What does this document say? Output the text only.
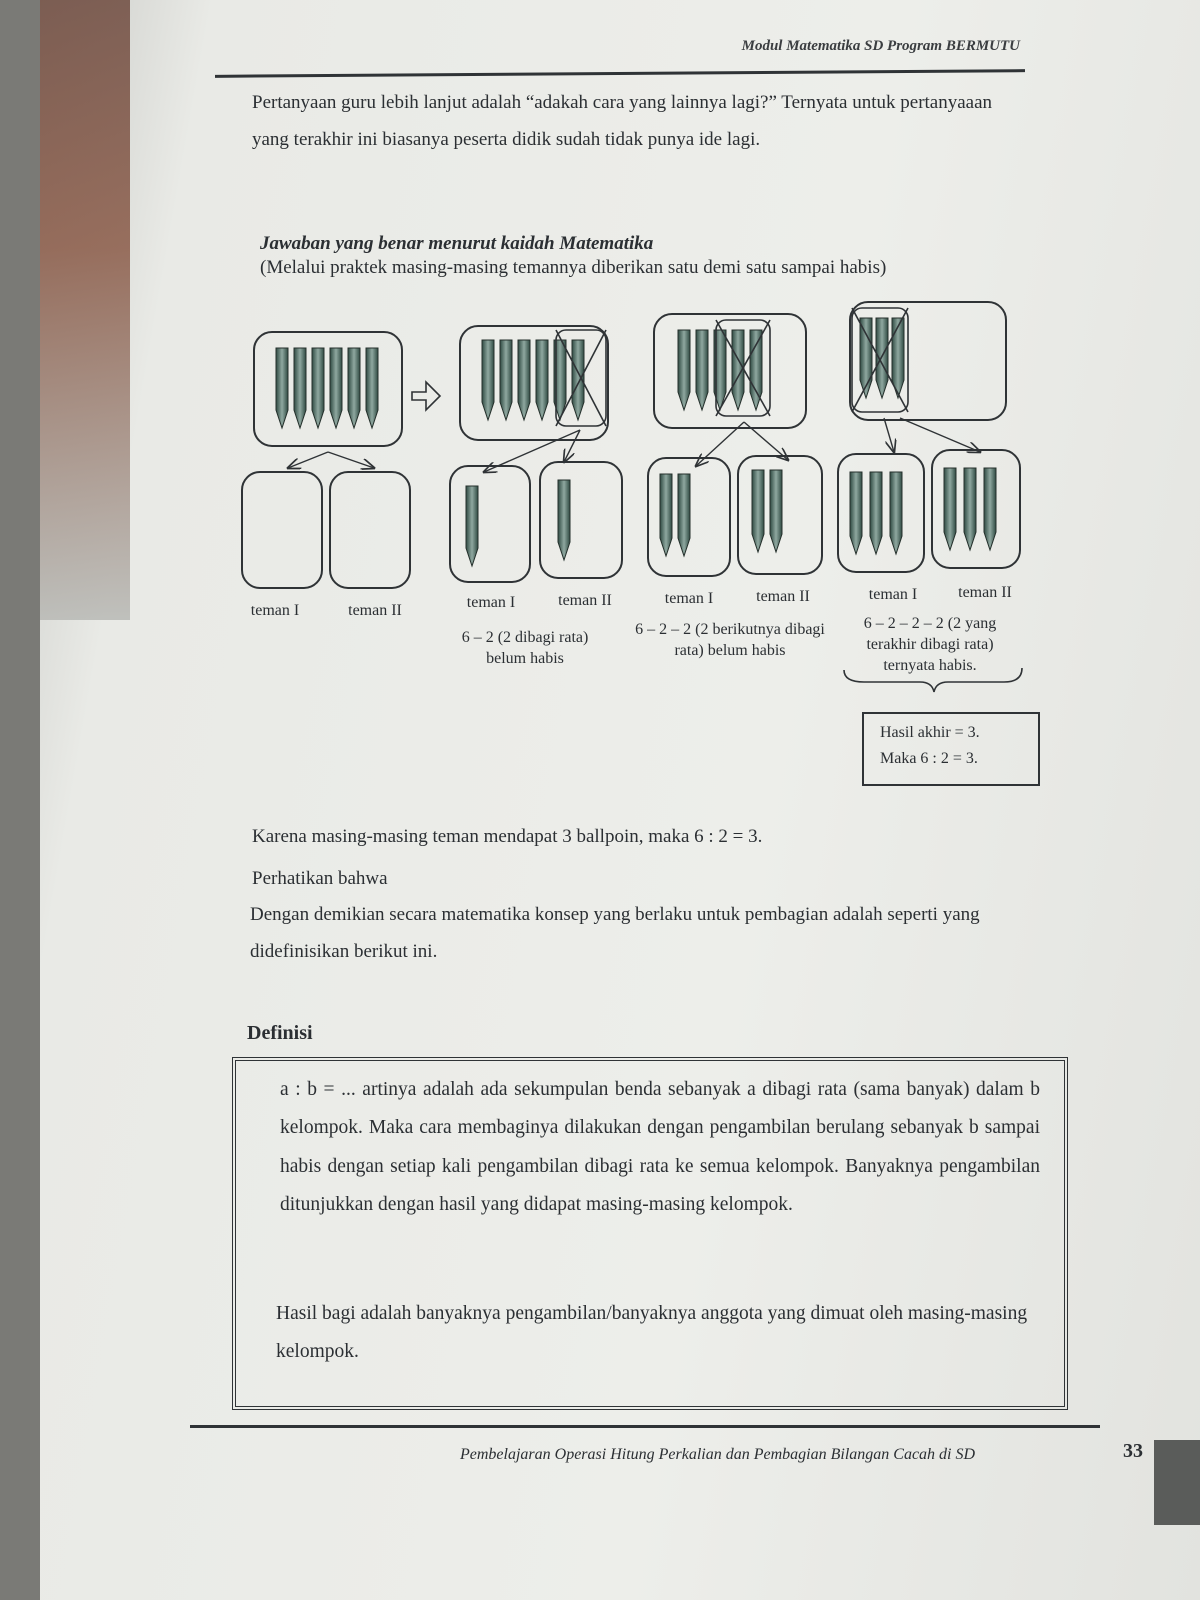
Modul Matematika SD Program BERMUTU
Pertanyaan guru lebih lanjut adalah “adakah cara yang lainnya lagi?” Ternyata untuk pertanyaaan yang terakhir ini biasanya peserta didik sudah tidak punya ide lagi.
Jawaban yang benar menurut kaidah Matematika
(Melalui praktek masing-masing temannya diberikan satu demi satu sampai habis)
teman I	teman II	teman I	teman II	teman I	teman II	teman I	teman II
6 – 2 (2 dibagi rata) belum habis
6 – 2 – 2 (2 berikutnya dibagi rata) belum habis
6 – 2 – 2 – 2 (2 yang terakhir dibagi rata) ternyata habis.
Hasil akhir = 3.
Maka 6 : 2 = 3.
Karena masing-masing teman mendapat 3 ballpoin, maka 6 : 2 = 3.
Perhatikan bahwa
Dengan demikian secara matematika konsep yang berlaku untuk pembagian adalah seperti yang didefinisikan berikut ini.
Definisi
a : b = ... artinya adalah ada sekumpulan benda sebanyak a dibagi rata (sama banyak) dalam b kelompok. Maka cara membaginya dilakukan dengan pengambilan berulang sebanyak b sampai habis dengan setiap kali pengambilan dibagi rata ke semua kelompok. Banyaknya pengambilan ditunjukkan dengan hasil yang didapat masing-masing kelompok.
Hasil bagi adalah banyaknya pengambilan/banyaknya anggota yang dimuat oleh masing-masing kelompok.
Pembelajaran Operasi Hitung Perkalian dan Pembagian Bilangan Cacah di SD	33
